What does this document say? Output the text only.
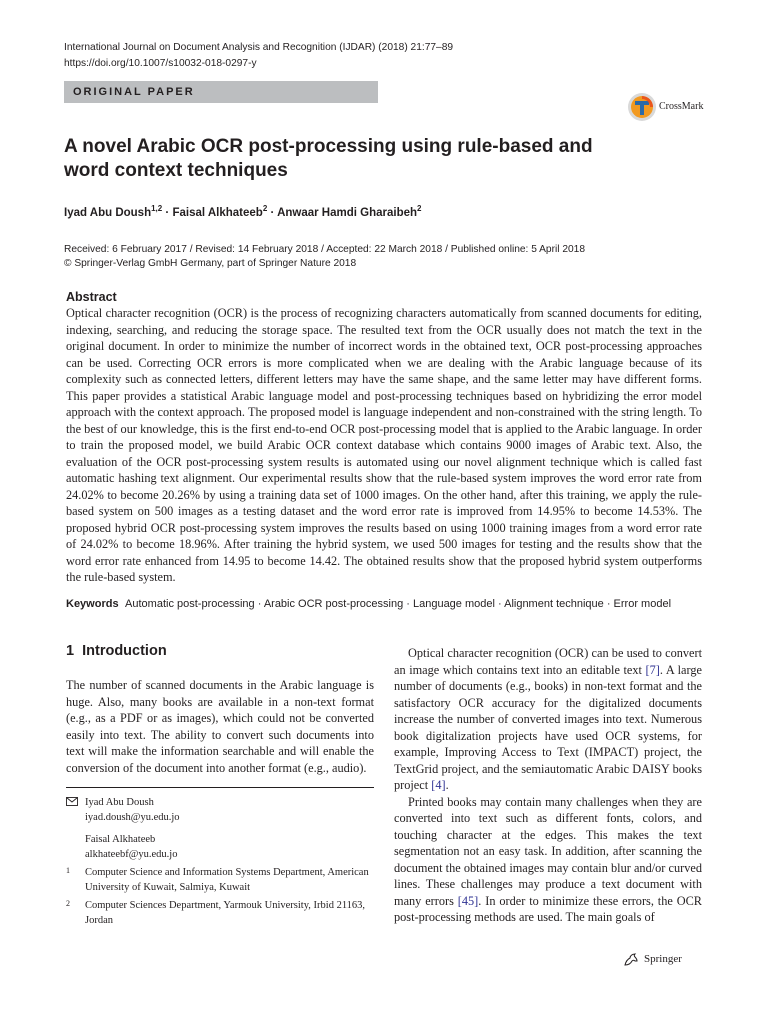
International Journal on Document Analysis and Recognition (IJDAR) (2018) 21:77–89
https://doi.org/10.1007/s10032-018-0297-y
ORIGINAL PAPER
CrossMark
A novel Arabic OCR post-processing using rule-based and word context techniques
Iyad Abu Doush$^{1,2}$ · Faisal Alkhateeb$^2$ · Anwaar Hamdi Gharaibeh$^2$
Received: 6 February 2017 / Revised: 14 February 2018 / Accepted: 22 March 2018 / Published online: 5 April 2018
© Springer-Verlag GmbH Germany, part of Springer Nature 2018
Abstract
Optical character recognition (OCR) is the process of recognizing characters automatically from scanned documents for editing, indexing, searching, and reducing the storage space. The resulted text from the OCR usually does not match the text in the original document. In order to minimize the number of incorrect words in the obtained text, OCR post-processing approaches can be used. Correcting OCR errors is more complicated when we are dealing with the Arabic language because of its complexity such as connected letters, different letters may have the same shape, and the same letter may have different forms. This paper provides a statistical Arabic language model and post-processing techniques based on hybridizing the error model approach with the context approach. The proposed model is language independent and non-constrained with the string length. To the best of our knowledge, this is the first end-to-end OCR post-processing model that is applied to the Arabic language. In order to train the proposed model, we build Arabic OCR context database which contains 9000 images of Arabic text. Also, the evaluation of the OCR post-processing system results is automated using our novel alignment technique which is called fast automatic hashing text alignment. Our experimental results show that the rule-based system improves the word error rate from 24.02% to become 20.26% by using a training data set of 1000 images. On the other hand, after this training, we apply the rule-based system on 500 images as a testing dataset and the word error rate is improved from 14.95% to become 14.53%. The proposed hybrid OCR post-processing system improves the results based on using 1000 training images from a word error rate of 24.02% to become 18.96%. After training the hybrid system, we used 500 images for testing and the results show that the word error rate enhanced from 14.95 to become 14.42. The obtained results show that the proposed hybrid system outperforms the rule-based system.
Keywords Automatic post-processing · Arabic OCR post-processing · Language model · Alignment technique · Error model
1 Introduction

The number of scanned documents in the Arabic language is huge. Also, many books are available in a non-text format (e.g., as a PDF or as images), which could not be converted easily into text. The ability to convert such documents into text will make the information searchable and will enable the conversion of the document into another format (e.g., audio).

Iyad Abu Doush
iyad.doush@yu.edu.jo
Faisal Alkhateeb
alkhateebf@yu.edu.jo
1 Computer Science and Information Systems Department, American University of Kuwait, Salmiya, Kuwait
2 Computer Sciences Department, Yarmouk University, Irbid 21163, Jordan

Optical character recognition (OCR) can be used to convert an image which contains text into an editable text [7]. A large number of documents (e.g., books) in non-text format and the satisfactory OCR accuracy for the digitalized documents increase the number of converted images into text. Numerous book digitalization projects have used OCR systems, for example, Improving Access to Text (IMPACT) project, the TextGrid project, and the semiautomatic Arabic DAISY books project [4].

Printed books may contain many challenges when they are converted into text such as different fonts, colors, and touching character at the edges. This makes the text segmentation not an easy task. In addition, after scanning the document the obtained images may contain blur and/or curved lines. These challenges may produce a text document with many errors [45]. In order to minimize these errors, the OCR post-processing methods are used. The main goals of

Springer
